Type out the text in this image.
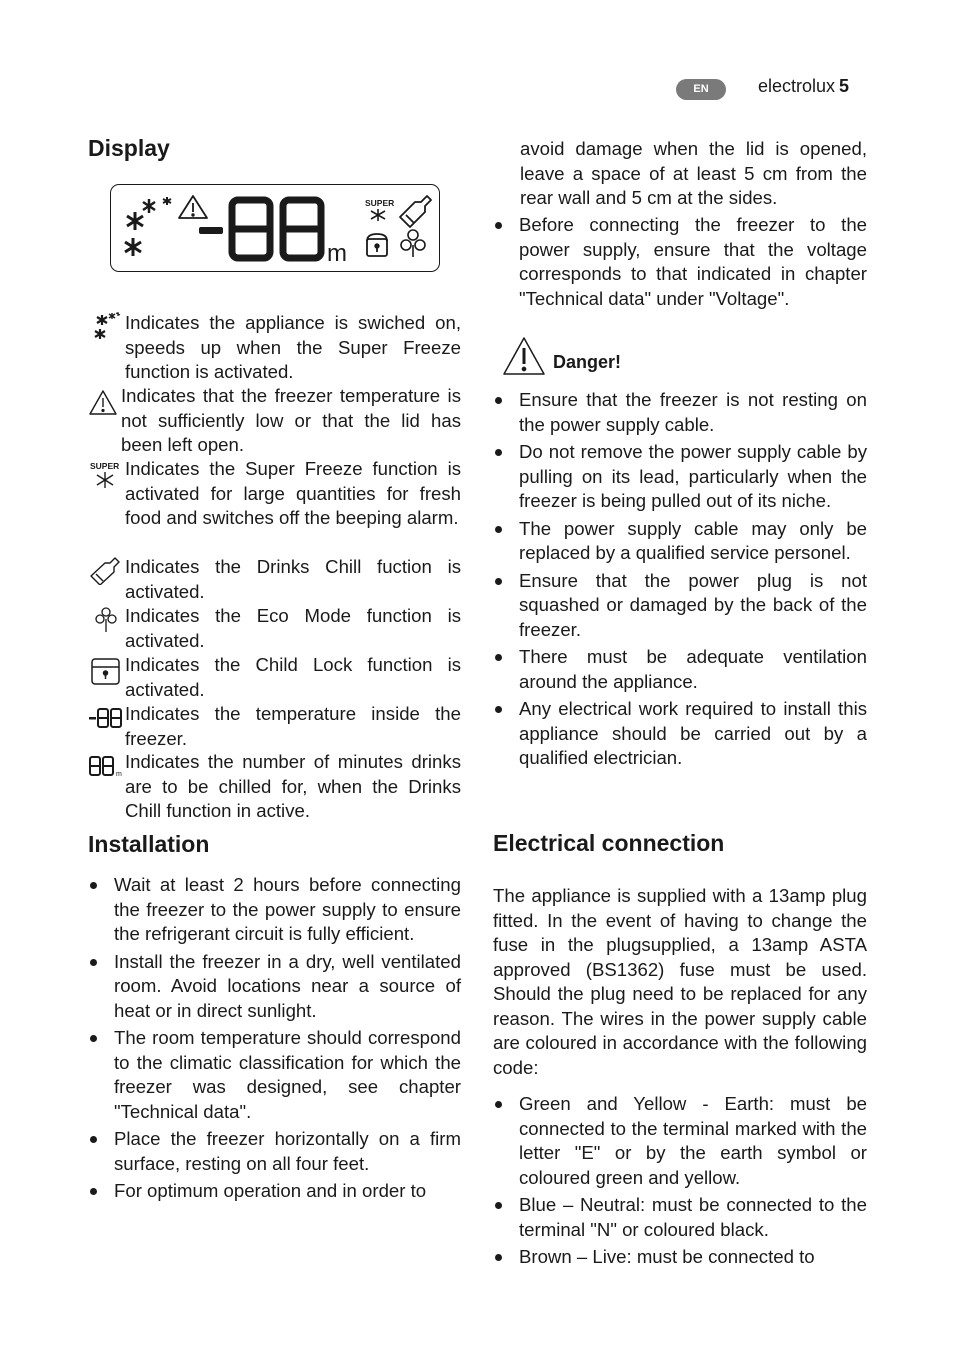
EN	electrolux 5
Display
m
SUPER
Indicates the appliance is swiched on, speeds up when the Super Freeze function is activated.
Indicates that the freezer temperature is not sufficiently low or that the lid has been left open.
SUPER Indicates the Super Freeze function is activated for large quantities for fresh food and switches off the beeping alarm.
Indicates the Drinks Chill fuction is activated.
Indicates the Eco Mode function is activated.
Indicates the Child Lock function is activated.
Indicates the temperature inside the freezer.
m
Indicates the number of minutes drinks are to be chilled for, when the Drinks Chill function in active.
Installation
Wait at least 2 hours before connecting the freezer to the power supply to ensure the refrigerant circuit is fully efficient.
Install the freezer in a dry, well ventilated room. Avoid locations near a source of heat or in direct sunlight.
The room temperature should correspond to the climatic classification for which the freezer was designed, see chapter "Technical data".
Place the freezer horizontally on a firm surface, resting on all four feet.
For optimum operation and in order to

avoid damage when the lid is opened, leave a space of at least 5 cm from the rear wall and 5 cm at the sides.

Before connecting the freezer to the power supply, ensure that the voltage corresponds to that indicated in chapter "Technical data" under "Voltage".
Danger!
Ensure that the freezer is not resting on the power supply cable.
Do not remove the power supply cable by pulling on its lead, particularly when the freezer is being pulled out of its niche.
The power supply cable may only be replaced by a qualified service personel.
Ensure that the power plug is not squashed or damaged by the back of the freezer.
There must be adequate ventilation around the appliance.
Any electrical work required to install this appliance should be carried out by a qualified electrician.
Electrical connection

The appliance is supplied with a 13amp plug fitted. In the event of having to change the fuse in the plugsupplied, a 13amp ASTA approved (BS1362) fuse must be used. Should the plug need to be replaced for any reason. The wires in the power supply cable are coloured in accordance with the following code:

Green and Yellow - Earth: must be connected to the terminal marked with the letter "E" or by the earth symbol or coloured green and yellow.
Blue – Neutral: must be connected to the terminal "N" or coloured black.
Brown – Live: must be connected to
